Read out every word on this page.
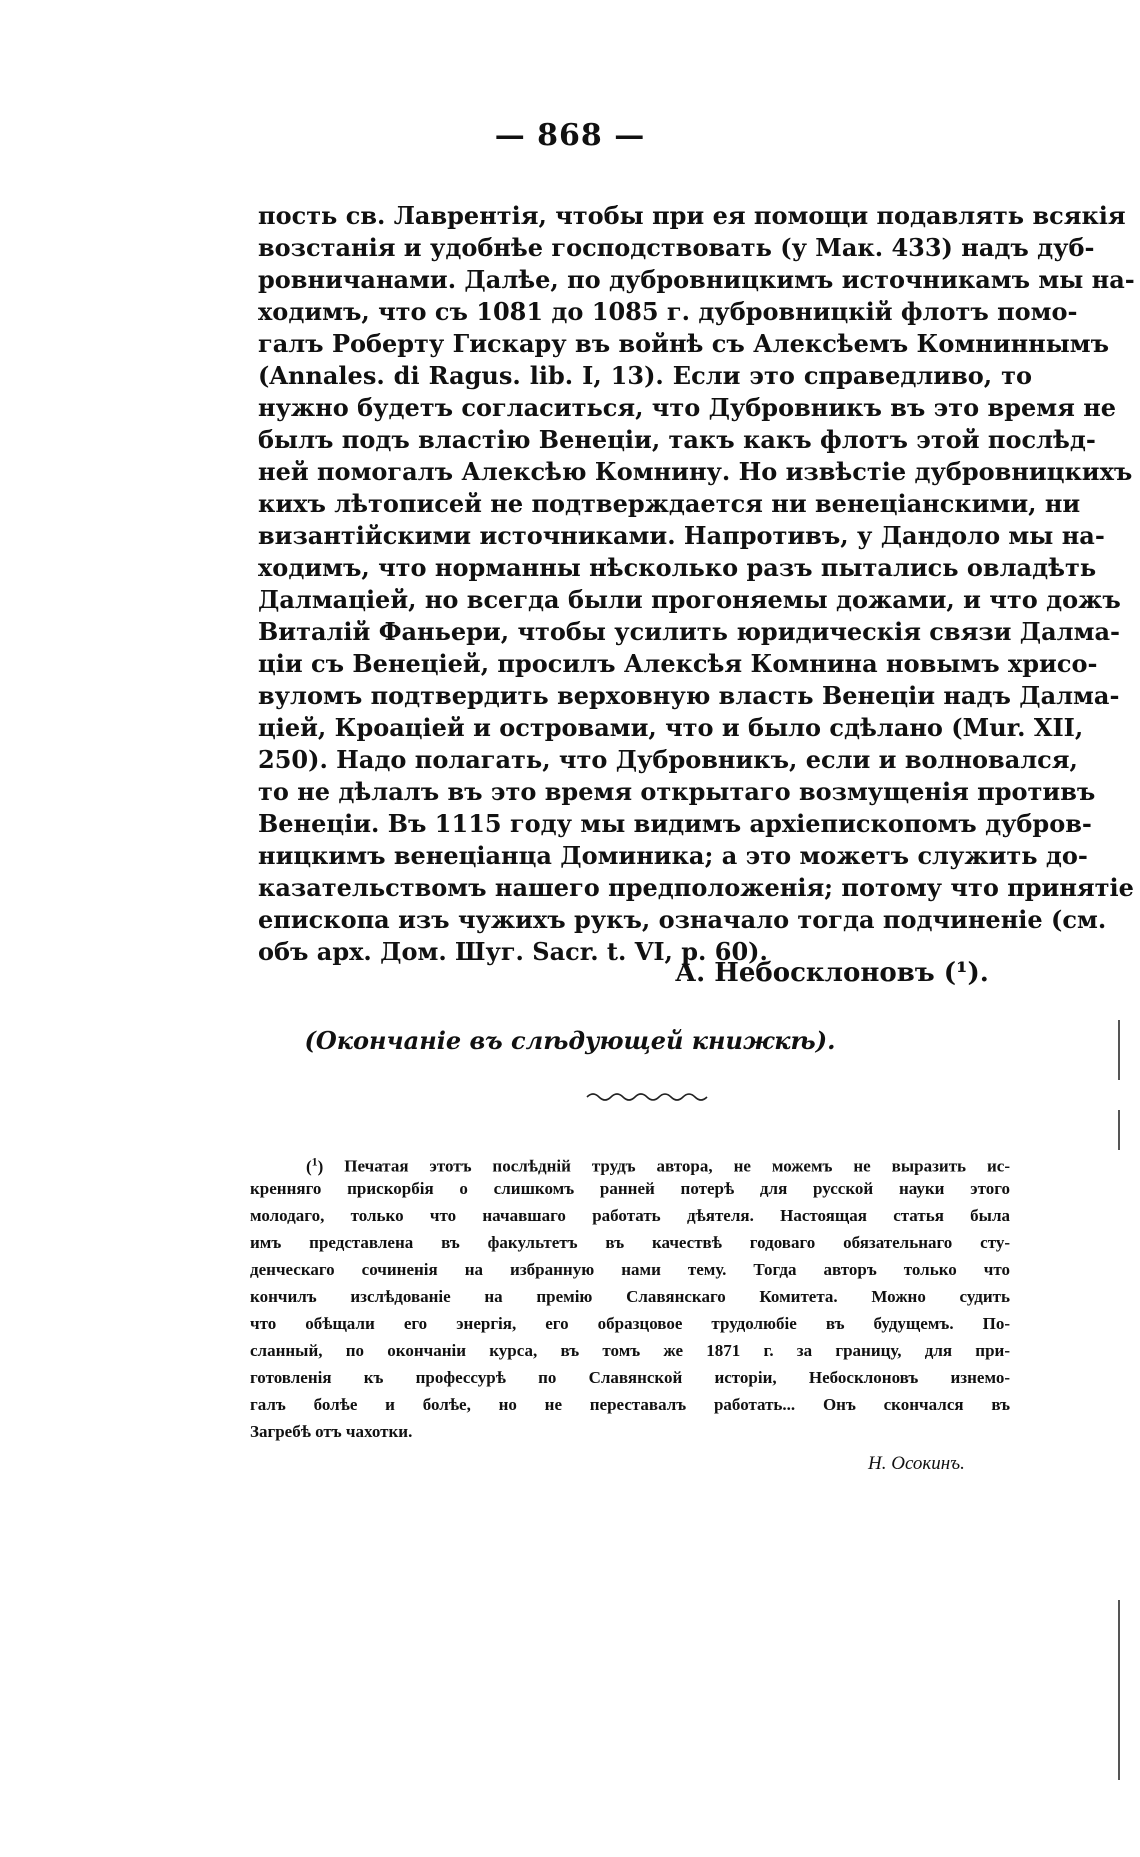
— 868 —
пость св. Лаврентія, чтобы при ея помощи подавлять всякія
возстанія и удобнѣе господствовать (у Мак. 433) надъ дуб-
ровничанами. Далѣе, по дубровницкимъ источникамъ мы на-
ходимъ, что съ 1081 до 1085 г. дубровницкій флотъ помо-
галъ Роберту Гискару въ войнѣ съ Алексѣемъ Комниннымъ
(Annales. di Ragus. lib. I, 13). Если это справедливо, то
нужно будетъ согласиться, что Дубровникъ въ это время не
былъ подъ властію Венеціи, такъ какъ флотъ этой послѣд-
ней помогалъ Алексѣю Комнину. Но извѣстіе дубровницкихъ
кихъ лѣтописей не подтверждается ни венеціанскими, ни
византійскими источниками. Напротивъ, у Дандоло мы на-
ходимъ, что норманны нѣсколько разъ пытались овладѣть
Далмаціей, но всегда были прогоняемы дожами, и что дожъ
Виталій Фаньери, чтобы усилить юридическія связи Далма-
ціи съ Венеціей, просилъ Алексѣя Комнина новымъ хрисо-
вуломъ подтвердить верховную власть Венеціи надъ Далма-
ціей, Кроаціей и островами, что и было сдѣлано (Mur. XII,
250). Надо полагать, что Дубровникъ, если и волновался,
то не дѣлалъ въ это время открытаго возмущенія противъ
Венеціи. Въ 1115 году мы видимъ архіепископомъ дубров-
ницкимъ венеціанца Доминика; а это можетъ служить до-
казательствомъ нашего предположенія; потому что принятіе
епископа изъ чужихъ рукъ, означало тогда подчиненіе (см.
объ арх. Дом. Шуг. Sacr. t. VI, p. 60).
А. Небосклоновъ (¹).
(Окончаніе въ слѣдующей книжкѣ).
($^1$) Печатая этотъ послѣдній трудъ автора, не можемъ не выразить ис-
кренняго прискорбія о слишкомъ ранней потерѣ для русской науки этого
молодаго, только что начавшаго работать дѣятеля. Настоящая статья была
имъ представлена въ факультетъ въ качествѣ годоваго обязательнаго сту-
денческаго сочиненія на избранную нами тему. Тогда авторъ только что
кончилъ изслѣдованіе на премію Славянскаго Комитета. Можно судить
что обѣщали его энергія, его образцовое трудолюбіе въ будущемъ. По-
сланный, по окончаніи курса, въ томъ же 1871 г. за границу, для при-
готовленія къ профессурѣ по Славянской исторіи, Небосклоновъ изнемо-
галъ болѣе и болѣе, но не переставалъ работать... Онъ скончался въ
Загребѣ отъ чахотки.
Н. Осокинъ.
